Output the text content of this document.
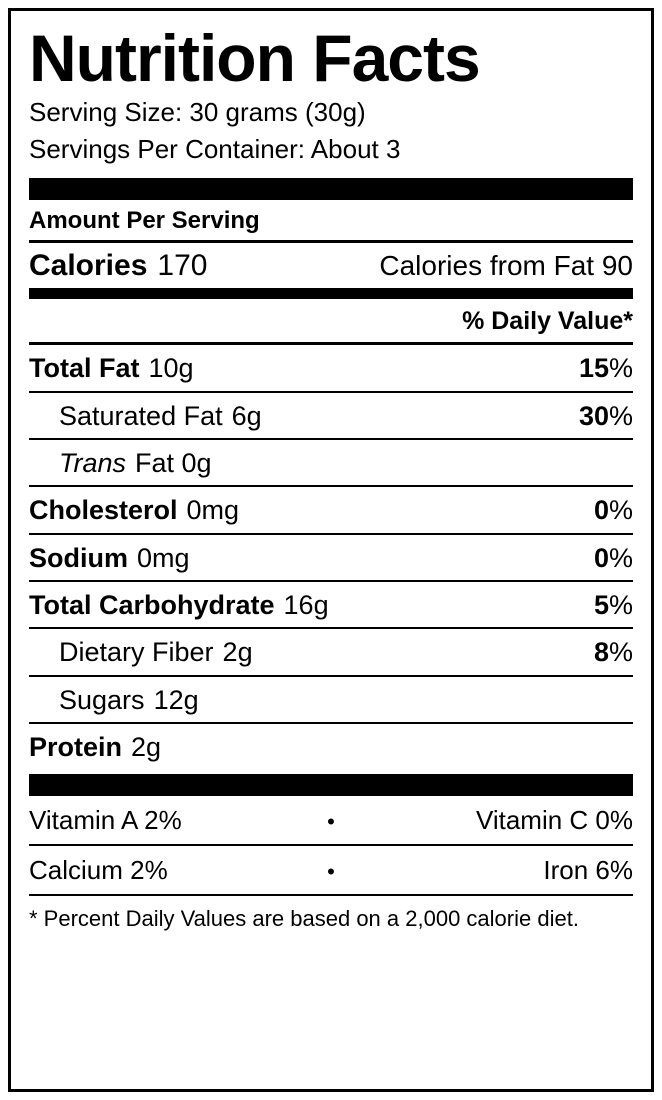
Nutrition Facts
Serving Size: 30 grams (30g)
Servings Per Container: About 3
Amount Per Serving
Calories 170	Calories from Fat 90
% Daily Value*
Total Fat 10g	15%
Saturated Fat 6g	30%
Trans Fat 0g
Cholesterol 0mg	0%
Sodium 0mg	0%
Total Carbohydrate 16g	5%
Dietary Fiber 2g	8%
Sugars 12g
Protein 2g
Vitamin A 2%	•	Vitamin C 0%
Calcium 2%	•	Iron 6%
* Percent Daily Values are based on a 2,000 calorie diet.
